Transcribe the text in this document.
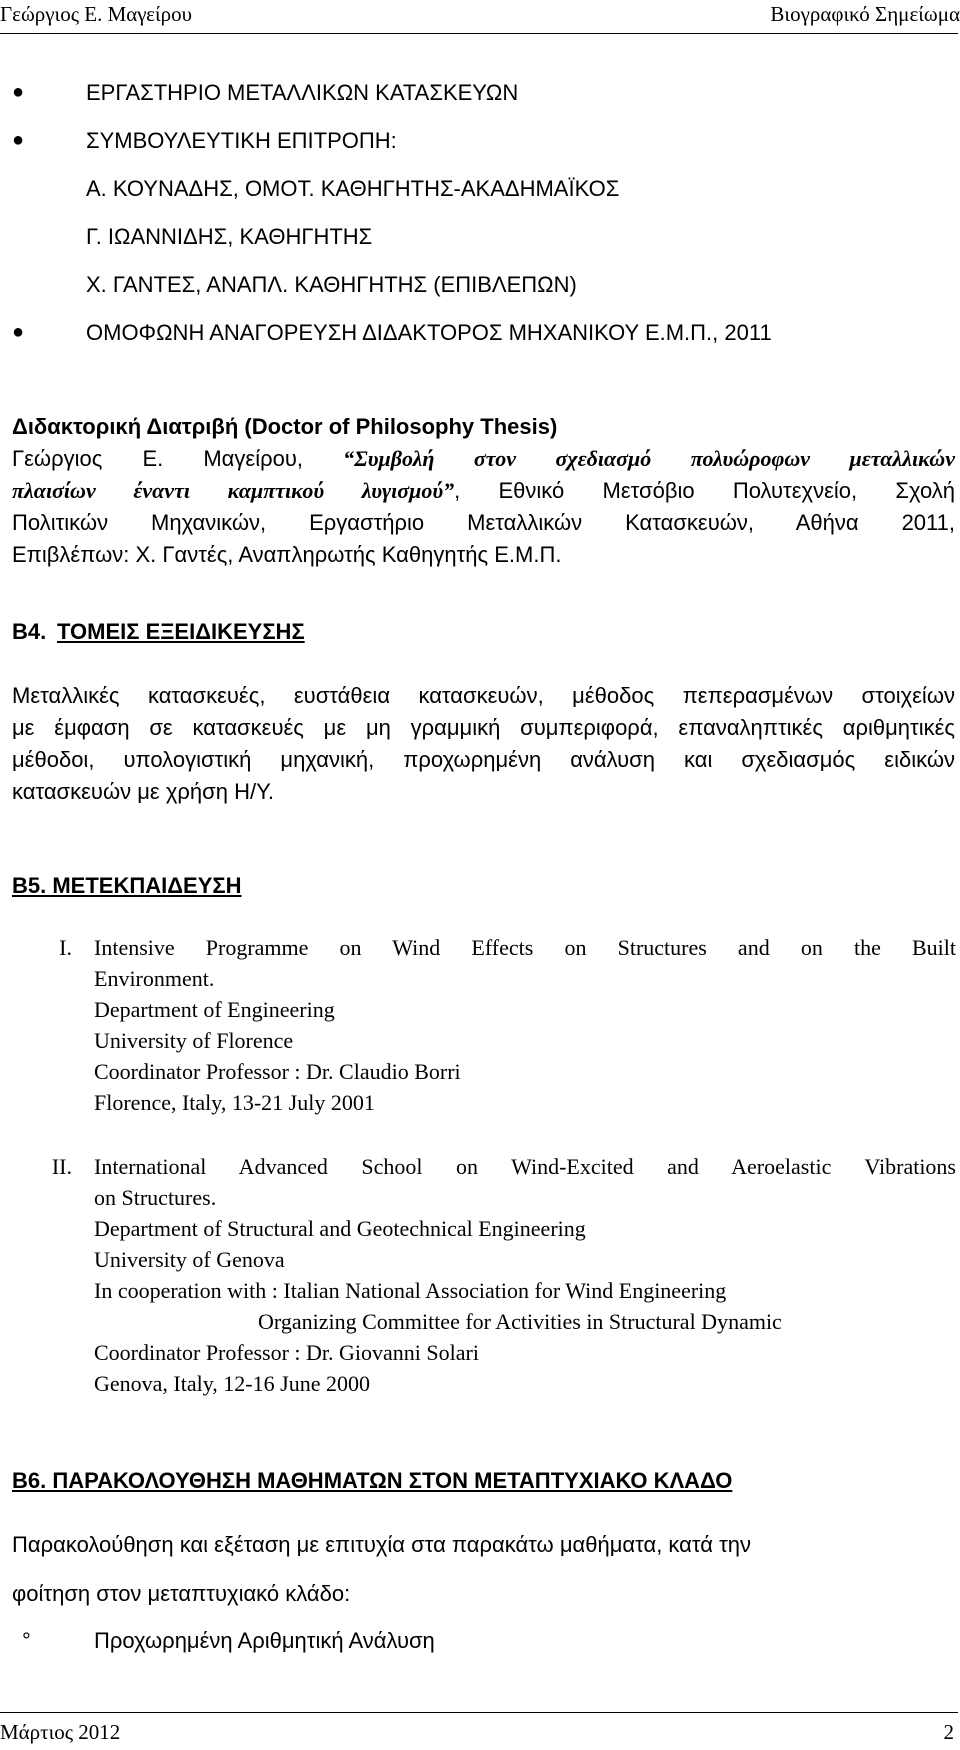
Γεώργιος Ε. Μαγείρου	Βιογραφικό Σημείωμα
●	ΕΡΓΑΣΤΗΡΙΟ ΜΕΤΑΛΛΙΚΩΝ ΚΑΤΑΣΚΕΥΩΝ
●	ΣΥΜΒΟΥΛΕΥΤΙΚΗ ΕΠΙΤΡΟΠΗ:
Α. ΚΟΥΝΑΔΗΣ, ΟΜΟΤ. ΚΑΘΗΓΗΤΗΣ-ΑΚΑΔΗΜΑΪΚΟΣ
Γ. ΙΩΑΝΝΙΔΗΣ, ΚΑΘΗΓΗΤΗΣ
Χ. ΓΑΝΤΕΣ, ΑΝΑΠΛ. ΚΑΘΗΓΗΤΗΣ (ΕΠΙΒΛΕΠΩΝ)
●	ΟΜΟΦΩΝΗ ΑΝΑΓΟΡΕΥΣΗ ΔΙΔΑΚΤΟΡΟΣ ΜΗΧΑΝΙΚΟΥ Ε.Μ.Π., 2011
Διδακτορική Διατριβή (Doctor of Philosophy Thesis)
Γεώργιος Ε. Μαγείρου, “Συμβολή στον σχεδιασμό πολυώροφων μεταλλικών
πλαισίων έναντι καμπτικού λυγισμού”, Εθνικό Μετσόβιο Πολυτεχνείο, Σχολή
Πολιτικών Μηχανικών, Εργαστήριο Μεταλλικών Κατασκευών, Αθήνα 2011,
Επιβλέπων: Χ. Γαντές, Αναπληρωτής Καθηγητής Ε.Μ.Π.
Β4. ΤΟΜΕΙΣ ΕΞΕΙΔΙΚΕΥΣΗΣ
Μεταλλικές κατασκευές, ευστάθεια κατασκευών, μέθοδος πεπερασμένων στοιχείων
με έμφαση σε κατασκευές με μη γραμμική συμπεριφορά, επαναληπτικές αριθμητικές
μέθοδοι, υπολογιστική μηχανική, προχωρημένη ανάλυση και σχεδιασμός ειδικών
κατασκευών με χρήση Η/Υ.
Β5. ΜΕΤΕΚΠΑΙΔΕΥΣΗ
I. Intensive Programme on Wind Effects on Structures and on the Built
Environment.
Department of Engineering
University of Florence
Coordinator Professor : Dr. Claudio Borri
Florence, Italy, 13-21 July 2001
II. International Advanced School on Wind-Excited and Aeroelastic Vibrations
on Structures.
Department of Structural and Geotechnical Engineering
University of Genova
In cooperation with : Italian National Association for Wind Engineering
Organizing Committee for Activities in Structural Dynamic
Coordinator Professor : Dr. Giovanni Solari
Genova, Italy, 12-16 June 2000
Β6. ΠΑΡΑΚΟΛΟΥΘΗΣΗ ΜΑΘΗΜΑΤΩΝ ΣΤΟΝ ΜΕΤΑΠΤΥΧΙΑΚΟ ΚΛΑΔΟ
Παρακολούθηση και εξέταση με επιτυχία στα παρακάτω μαθήματα, κατά την
φοίτηση στον μεταπτυχιακό κλάδο:
°	Προχωρημένη Αριθμητική Ανάλυση
Μάρτιος 2012	2
